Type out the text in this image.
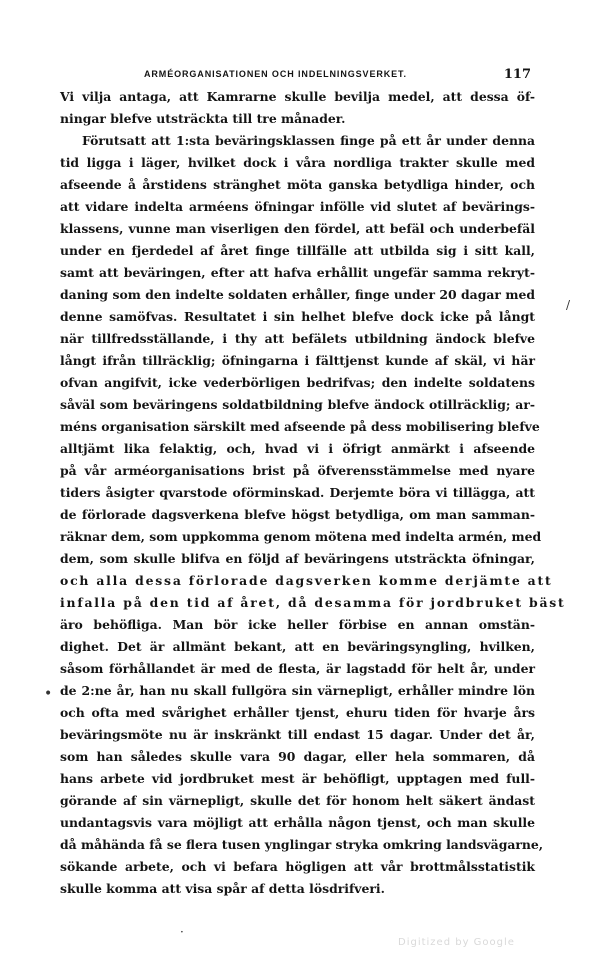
ARMÉORGANISATIONEN OCH INDELNINGSVERKET.	117
Vi vilja antaga, att Kamrarne skulle bevilja medel, att dessa öf-
ningar blefve utsträckta till tre månader.
Förutsatt att 1:sta beväringsklassen finge på ett år under denna
tid ligga i läger, hvilket dock i våra nordliga trakter skulle med
afseende å årstidens stränghet möta ganska betydliga hinder, och
att vidare indelta arméens öfningar infölle vid slutet af bevärings-
klassens, vunne man viserligen den fördel, att befäl och underbefäl
under en fjerdedel af året finge tillfälle att utbilda sig i sitt kall,
samt att beväringen, efter att hafva erhållit ungefär samma rekryt-
daning som den indelte soldaten erhåller, finge under 20 dagar med
denne samöfvas. Resultatet i sin helhet blefve dock icke på långt
när tillfredsställande, i thy att befälets utbildning ändock blefve
långt ifrån tillräcklig; öfningarna i fälttjenst kunde af skäl, vi här
ofvan angifvit, icke vederbörligen bedrifvas; den indelte soldatens
såväl som beväringens soldatbildning blefve ändock otillräcklig; ar-
méns organisation särskilt med afseende på dess mobilisering blefve
alltjämt lika felaktig, och, hvad vi i öfrigt anmärkt i afseende
på vår arméorganisations brist på öfverensstämmelse med nyare
tiders åsigter qvarstode oförminskad. Derjemte böra vi tillägga, att
de förlorade dagsverkena blefve högst betydliga, om man samman-
räknar dem, som uppkomma genom mötena med indelta armén, med
dem, som skulle blifva en följd af beväringens utsträckta öfningar,
och alla dessa förlorade dagsverken komme derjämte att
infalla på den tid af året, då desamma för jordbruket bäst
äro behöfliga. Man bör icke heller förbise en annan omstän-
dighet. Det är allmänt bekant, att en beväringsyngling, hvilken,
såsom förhållandet är med de flesta, är lagstadd för helt år, under
de 2:ne år, han nu skall fullgöra sin värnepligt, erhåller mindre lön
och ofta med svårighet erhåller tjenst, ehuru tiden för hvarje års
beväringsmöte nu är inskränkt till endast 15 dagar. Under det år,
som han således skulle vara 90 dagar, eller hela sommaren, då
hans arbete vid jordbruket mest är behöfligt, upptagen med full-
görande af sin värnepligt, skulle det för honom helt säkert ändast
undantagsvis vara möjligt att erhålla någon tjenst, och man skulle
då måhända få se flera tusen ynglingar stryka omkring landsvägarne,
sökande arbete, och vi befara högligen att vår brottmålsstatistik
skulle komma att visa spår af detta lösdrifveri.
/
•
·
Digitized by Google
